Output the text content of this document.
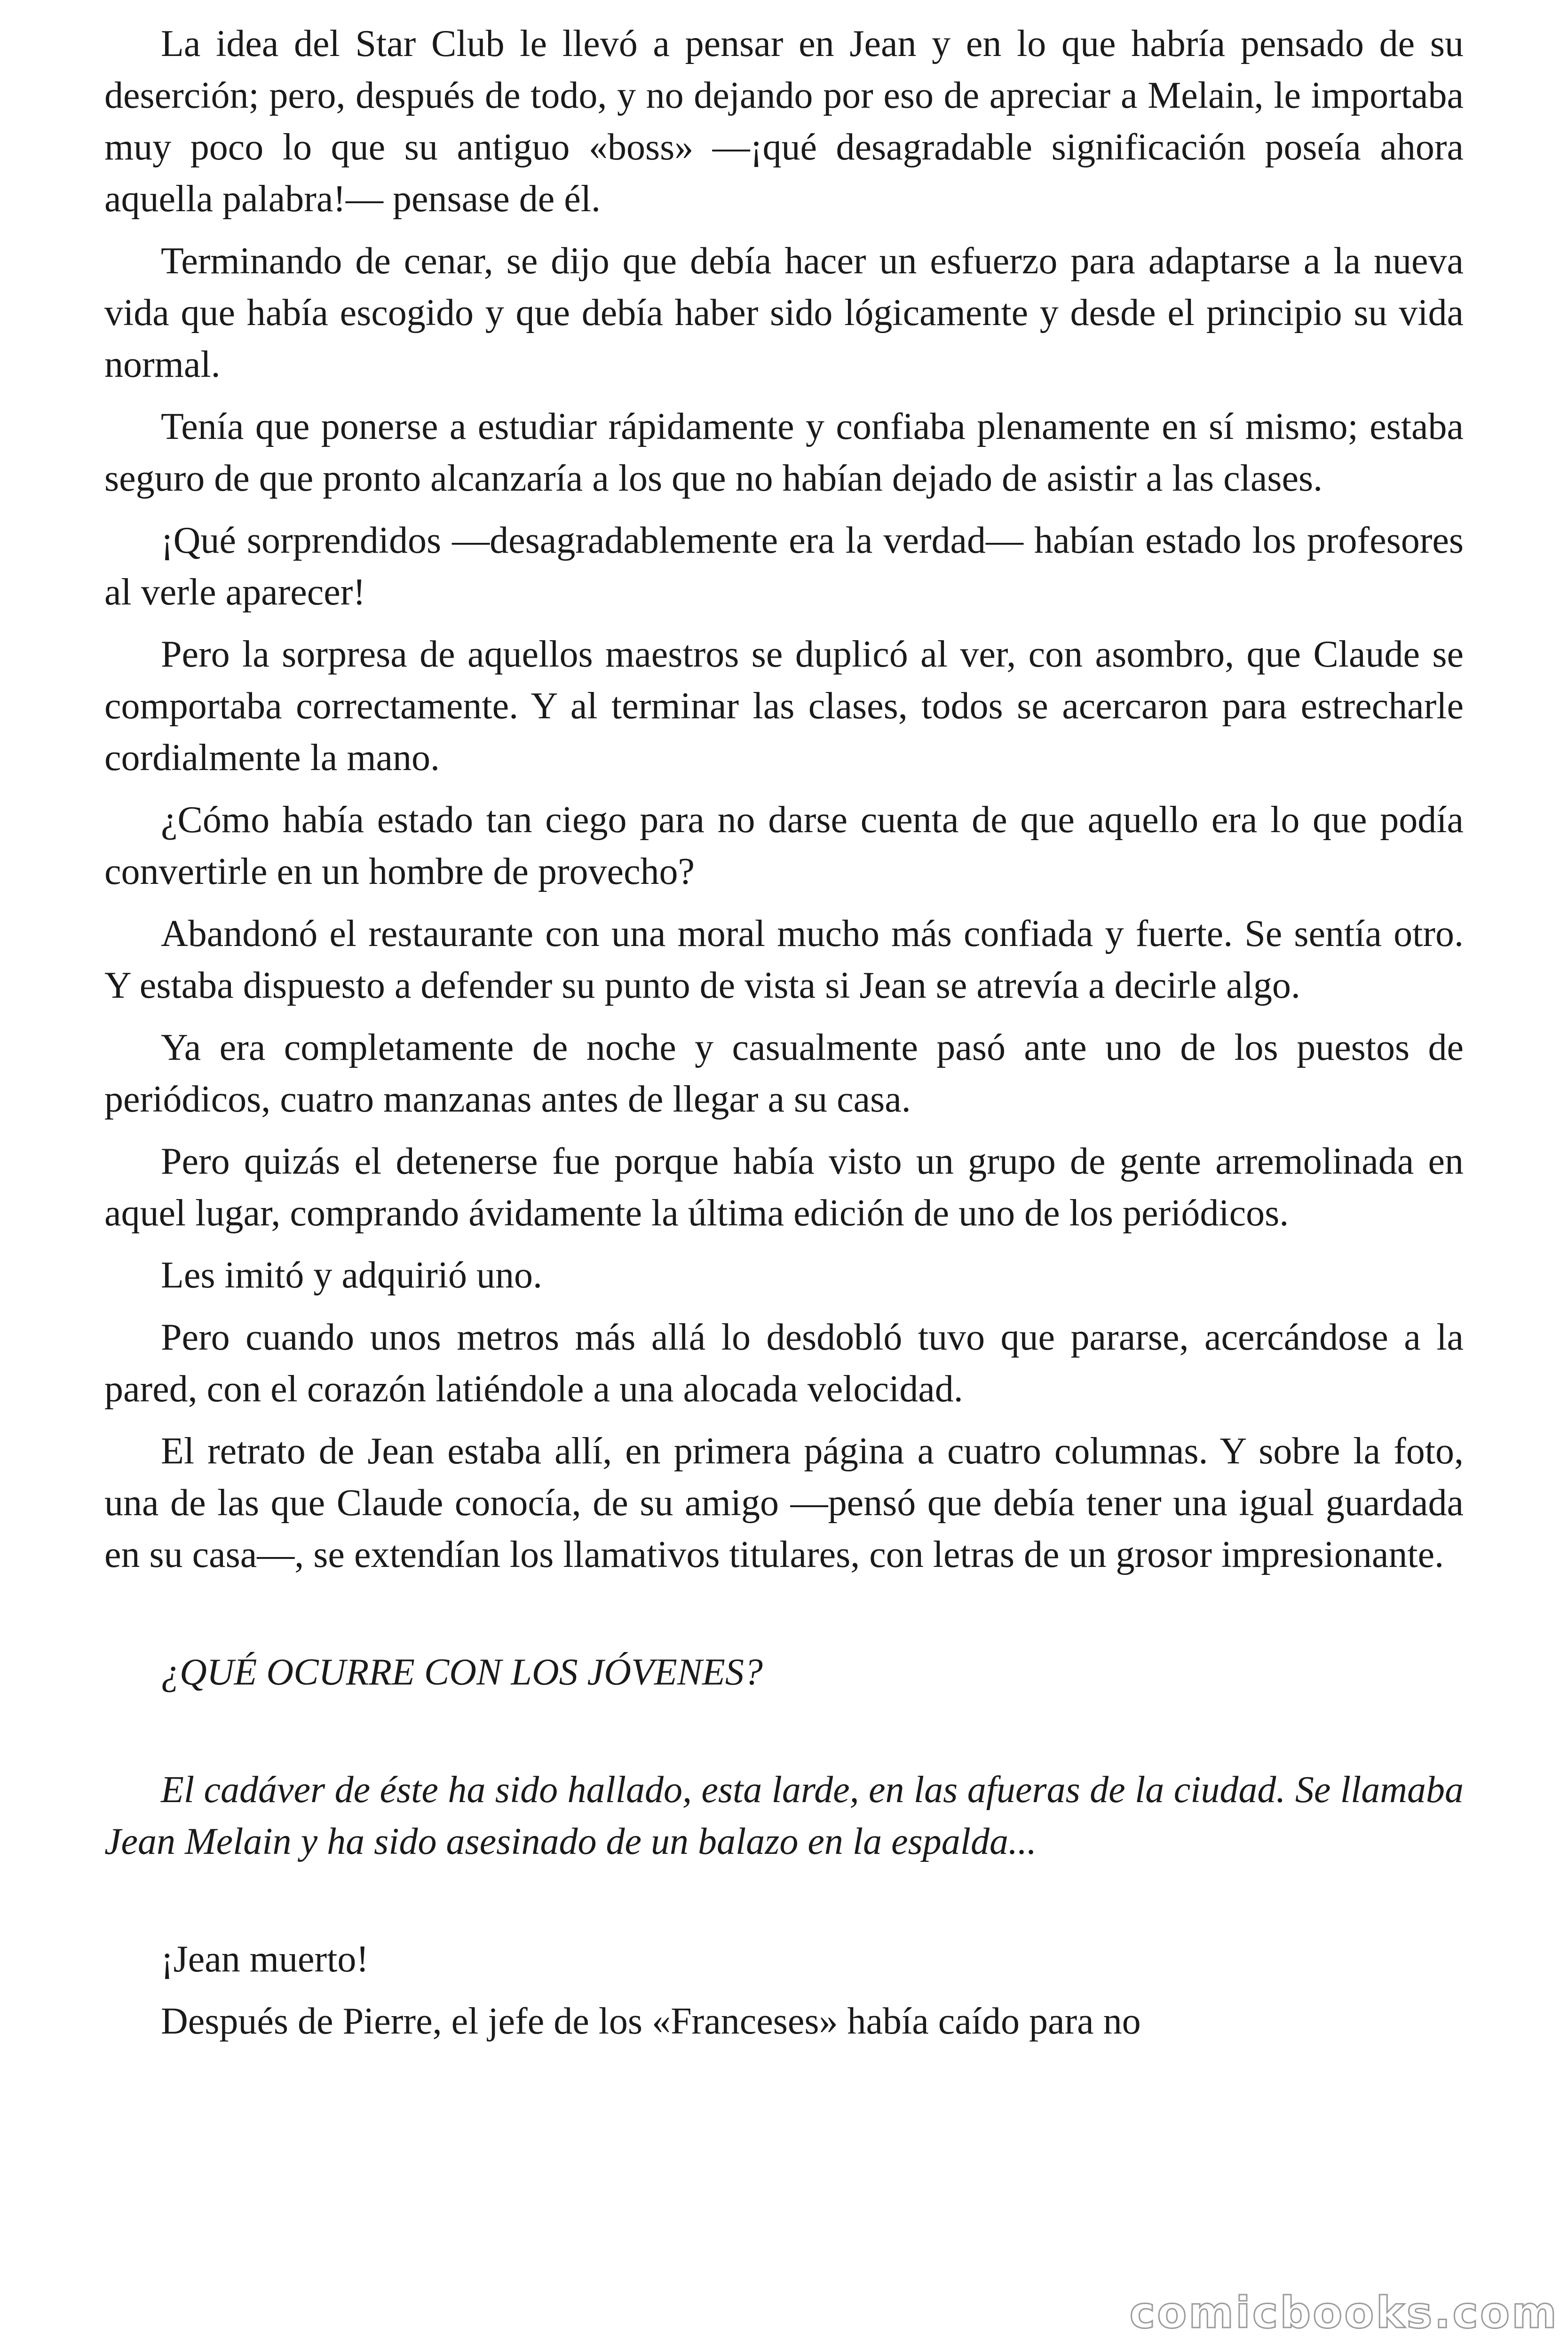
La idea del Star Club le llevó a pensar en Jean y en lo que habría pensado de su deserción; pero, después de todo, y no dejando por eso de apreciar a Melain, le importaba muy poco lo que su antiguo «boss» —¡qué desagradable significación poseía ahora aquella palabra!— pensase de él.

Terminando de cenar, se dijo que debía hacer un esfuerzo para adaptarse a la nueva vida que había escogido y que debía haber sido lógicamente y desde el principio su vida normal.

Tenía que ponerse a estudiar rápidamente y confiaba plenamente en sí mismo; estaba seguro de que pronto alcanzaría a los que no habían dejado de asistir a las clases.

¡Qué sorprendidos —desagradablemente era la verdad— habían estado los profesores al verle aparecer!

Pero la sorpresa de aquellos maestros se duplicó al ver, con asombro, que Claude se comportaba correctamente. Y al terminar las clases, todos se acercaron para estrecharle cordialmente la mano.

¿Cómo había estado tan ciego para no darse cuenta de que aquello era lo que podía convertirle en un hombre de provecho?

Abandonó el restaurante con una moral mucho más confiada y fuerte. Se sentía otro. Y estaba dispuesto a defender su punto de vista si Jean se atrevía a decirle algo.

Ya era completamente de noche y casualmente pasó ante uno de los puestos de periódicos, cuatro manzanas antes de llegar a su casa.

Pero quizás el detenerse fue porque había visto un grupo de gente arremolinada en aquel lugar, comprando ávidamente la última edición de uno de los periódicos.

Les imitó y adquirió uno.

Pero cuando unos metros más allá lo desdobló tuvo que pararse, acercándose a la pared, con el corazón latiéndole a una alocada velocidad.

El retrato de Jean estaba allí, en primera página a cuatro columnas. Y sobre la foto, una de las que Claude conocía, de su amigo —pensó que debía tener una igual guardada en su casa—, se extendían los llamativos titulares, con letras de un grosor impresionante.

¿QUÉ OCURRE CON LOS JÓVENES?

El cadáver de éste ha sido hallado, esta larde, en las afueras de la ciudad. Se llamaba Jean Melain y ha sido asesinado de un balazo en la espalda...

¡Jean muerto!

Después de Pierre, el jefe de los «Franceses» había caído para no

comicbooks.com
